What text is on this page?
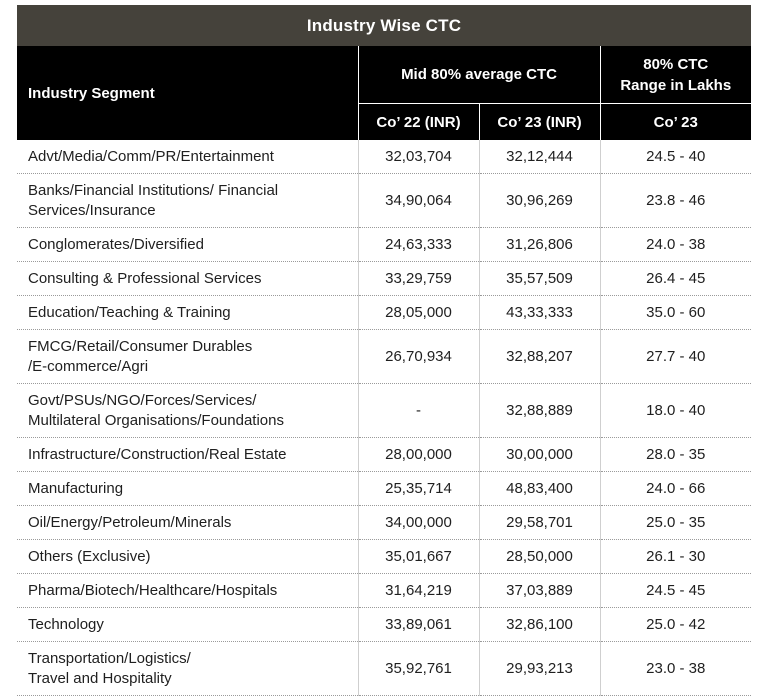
Industry Wise CTC
Industry Segment	Mid 80% average CTC		80% CTC
Range in Lakhs

	Co’ 22 (INR)	Co’ 23 (INR)	Co’ 23

Advt/Media/Comm/PR/Entertainment	32,03,704	32,12,444	24.5 - 40

Banks/Financial Institutions/ Financial
Services/Insurance	34,90,064	30,96,269	23.8 - 46

Conglomerates/Diversified	24,63,333	31,26,806	24.0 - 38

Consulting & Professional Services	33,29,759	35,57,509	26.4 - 45

Education/Teaching & Training	28,05,000	43,33,333	35.0 - 60

FMCG/Retail/Consumer Durables
/E-commerce/Agri	26,70,934	32,88,207	27.7 - 40

Govt/PSUs/NGO/Forces/Services/
Multilateral Organisations/Foundations	-	32,88,889	18.0 - 40

Infrastructure/Construction/Real Estate	28,00,000	30,00,000	28.0 - 35

Manufacturing	25,35,714	48,83,400	24.0 - 66

Oil/Energy/Petroleum/Minerals	34,00,000	29,58,701	25.0 - 35

Others (Exclusive)	35,01,667	28,50,000	26.1 - 30

Pharma/Biotech/Healthcare/Hospitals	31,64,219	37,03,889	24.5 - 45

Technology	33,89,061	32,86,100	25.0 - 42

Transportation/Logistics/
Travel and Hospitality	35,92,761	29,93,213	23.0 - 38
